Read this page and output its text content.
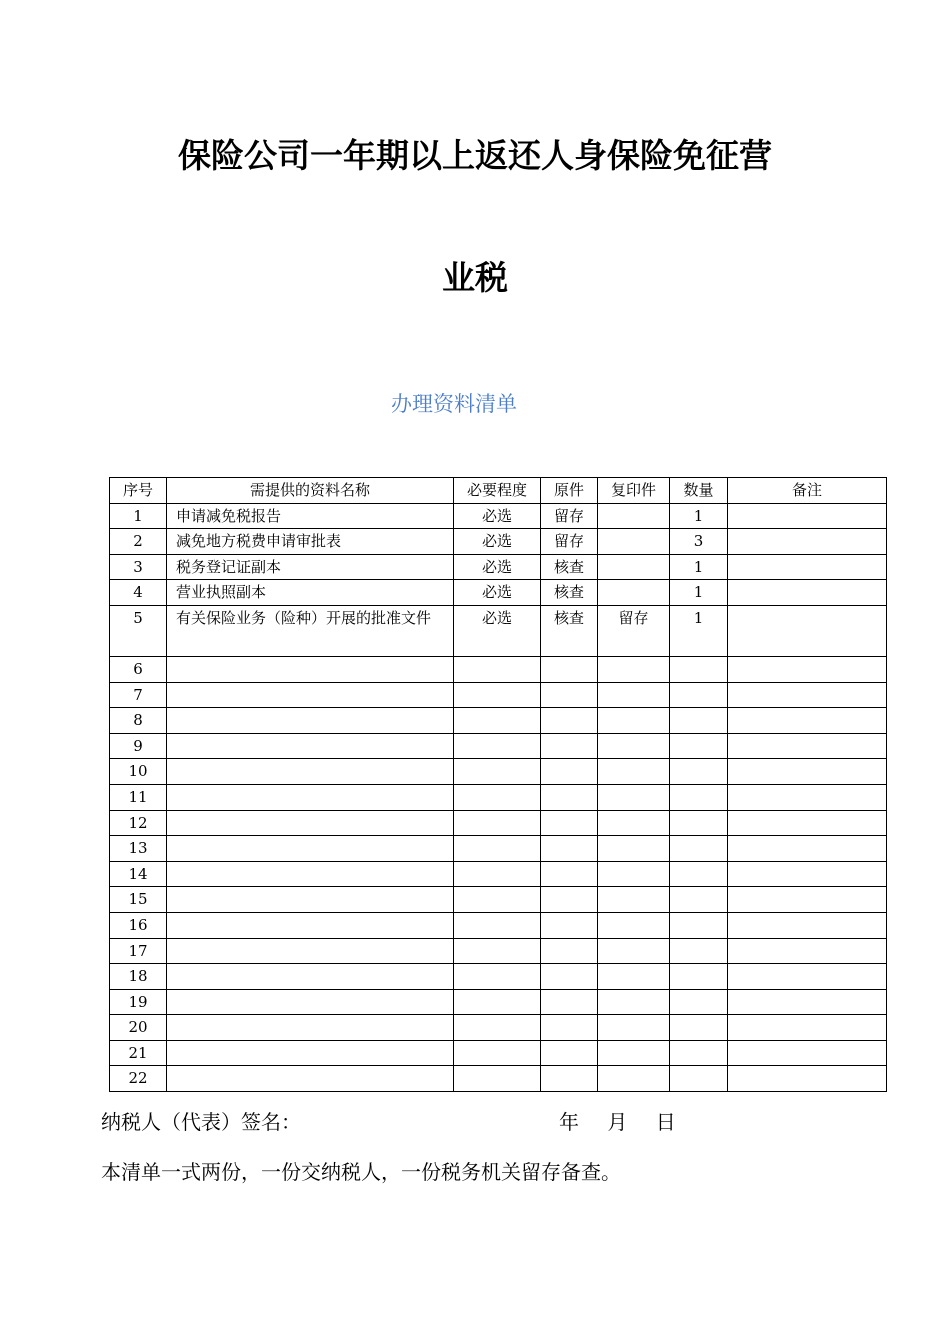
保险公司一年期以上返还人身保险免征营
业税

办理资料清单

序号	需提供的资料名称	必要程度	原件	复印件	数量	备注
1	申请减免税报告	必选	留存		1	
2	减免地方税费申请审批表	必选	留存		3	
3	税务登记证副本	必选	核查		1	
4	营业执照副本	必选	核查		1	
5	有关保险业务（险种）开展的批准文件	必选	核查	留存	1	
6						
7						
8						
9						
10						
11						
12						
13						
14						
15						
16						
17						
18						
19						
20						
21						
22						

纳税人（代表）签名：	年 月 日

本清单一式两份，一份交纳税人，一份税务机关留存备查。
